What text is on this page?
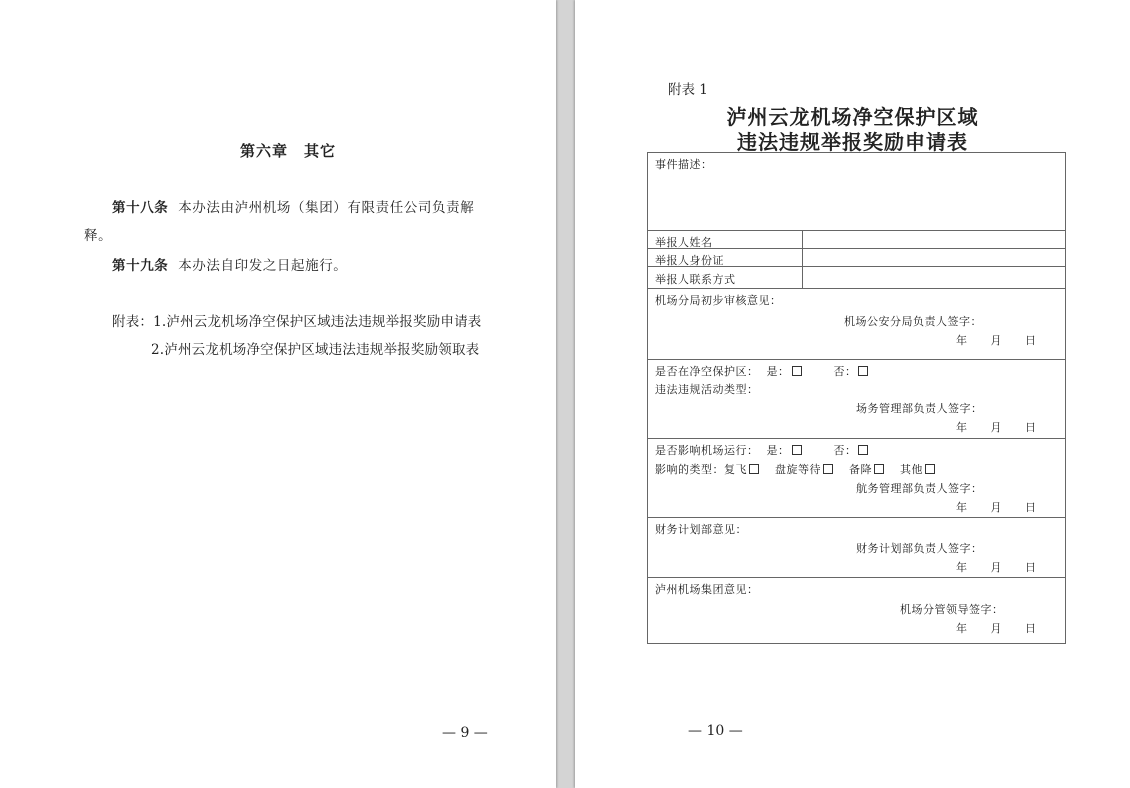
第六章　其它
第十八条 本办法由泸州机场（集团）有限责任公司负责解
释。
第十九条 本办法自印发之日起施行。
附表：1.泸州云龙机场净空保护区域违法违规举报奖励申请表
2.泸州云龙机场净空保护区域违法违规举报奖励领取表
— 9 —
附表 1
泸州云龙机场净空保护区域
违法违规举报奖励申请表
事件描述：
举报人姓名
举报人身份证
举报人联系方式
机场分局初步审核意见：
机场公安分局负责人签字：
年　　月　　日
是否在净空保护区： 是：	否：
违法违规活动类型：
场务管理部负责人签字：
年　　月　　日
是否影响机场运行： 是：	否：
影响的类型：复飞	盘旋等待	备降	其他
航务管理部负责人签字：
年　　月　　日
财务计划部意见：
财务计划部负责人签字：
年　　月　　日
泸州机场集团意见：
机场分管领导签字：
年　　月　　日
— 10 —
